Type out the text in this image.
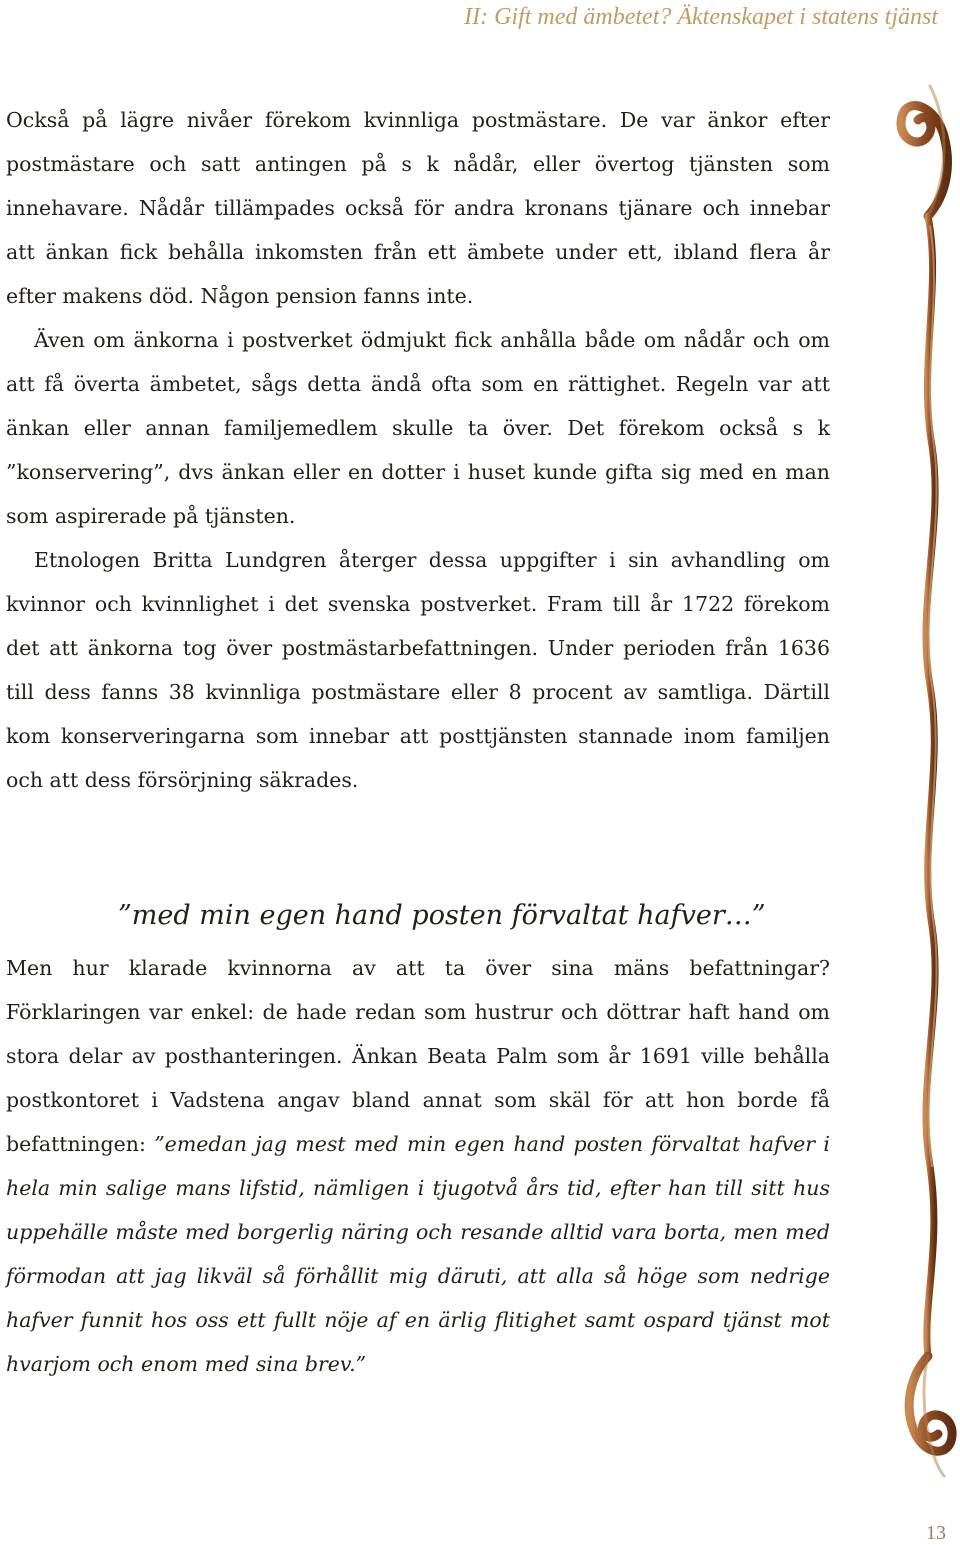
II: Gift med ämbetet? Äktenskapet i statens tjänst

Också på lägre nivåer förekom kvinnliga postmästare. De var änkor efter postmästare och satt antingen på s k nådår, eller övertog tjänsten som innehavare. Nådår tillämpades också för andra kronans tjänare och innebar att änkan fick behålla inkomsten från ett ämbete under ett, ibland flera år efter makens död. Någon pension fanns inte.

Även om änkorna i postverket ödmjukt fick anhålla både om nådår och om att få överta ämbetet, sågs detta ändå ofta som en rättighet. Regeln var att änkan eller annan familjemedlem skulle ta över. Det förekom också s k ”konservering”, dvs änkan eller en dotter i huset kunde gifta sig med en man som aspirerade på tjänsten.

Etnologen Britta Lundgren återger dessa uppgifter i sin avhandling om kvinnor och kvinnlighet i det svenska postverket. Fram till år 1722 förekom det att änkorna tog över postmästarbefattningen. Under perioden från 1636 till dess fanns 38 kvinnliga postmästare eller 8 procent av samtliga. Därtill kom konserveringarna som innebar att posttjänsten stannade inom familjen och att dess försörjning säkrades.

”med min egen hand posten förvaltat hafver…”

Men hur klarade kvinnorna av att ta över sina mäns befattningar? Förklaringen var enkel: de hade redan som hustrur och döttrar haft hand om stora delar av posthanteringen. Änkan Beata Palm som år 1691 ville behålla postkontoret i Vadstena angav bland annat som skäl för att hon borde få befattningen: ”emedan jag mest med min egen hand posten förvaltat hafver i hela min salige mans lifstid, nämligen i tjugotvå års tid, efter han till sitt hus uppehälle måste med borgerlig näring och resande alltid vara borta, men med förmodan att jag likväl så förhållit mig däruti, att alla så höge som nedrige hafver funnit hos oss ett fullt nöje af en ärlig flitighet samt ospard tjänst mot hvarjom och enom med sina brev.”

13
